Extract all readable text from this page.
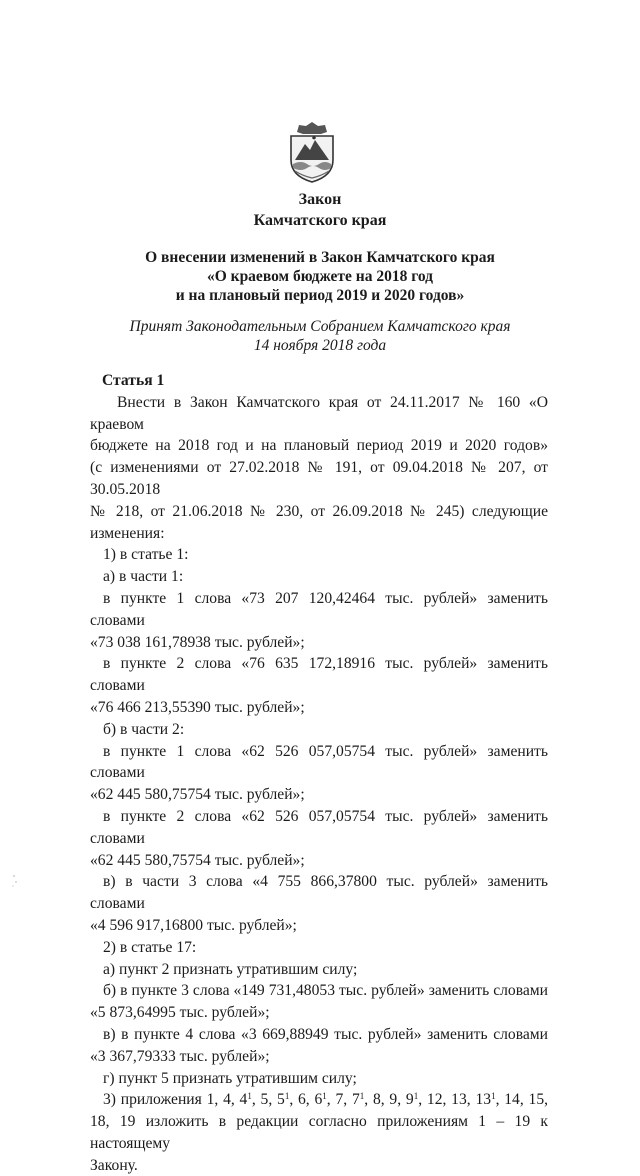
Закон
Камчатского края
О внесении изменений в Закон Камчатского края
«О краевом бюджете на 2018 год
и на плановый период 2019 и 2020 годов»
Принят Законодательным Собранием Камчатского края
14 ноября 2018 года
Статья 1
Внести в Закон Камчатского края от 24.11.2017 № 160 «О краевом
бюджете на 2018 год и на плановый период 2019 и 2020 годов»
(с изменениями от 27.02.2018 № 191, от 09.04.2018 № 207, от 30.05.2018
№ 218, от 21.06.2018 № 230, от 26.09.2018 № 245) следующие изменения:
1) в статье 1:
а) в части 1:
в пункте 1 слова «73 207 120,42464 тыс. рублей» заменить словами
«73 038 161,78938 тыс. рублей»;
в пункте 2 слова «76 635 172,18916 тыс. рублей» заменить словами
«76 466 213,55390 тыс. рублей»;
б) в части 2:
в пункте 1 слова «62 526 057,05754 тыс. рублей» заменить словами
«62 445 580,75754 тыс. рублей»;
в пункте 2 слова «62 526 057,05754 тыс. рублей» заменить словами
«62 445 580,75754 тыс. рублей»;
в) в части 3 слова «4 755 866,37800 тыс. рублей» заменить словами
«4 596 917,16800 тыс. рублей»;
2) в статье 17:
а) пункт 2 признать утратившим силу;
б) в пункте 3 слова «149 731,48053 тыс. рублей» заменить словами
«5 873,64995 тыс. рублей»;
в) в пункте 4 слова «3 669,88949 тыс. рублей» заменить словами
«3 367,79333 тыс. рублей»;
г) пункт 5 признать утратившим силу;
3) приложения 1, 4, $4^1$, 5, $5^1$, 6, $6^1$, 7, $7^1$, 8, 9, $9^1$, 12, 13, $13^1$, 14, 15,
18, 19 изложить в редакции согласно приложениям 1 – 19 к настоящему
Закону.
